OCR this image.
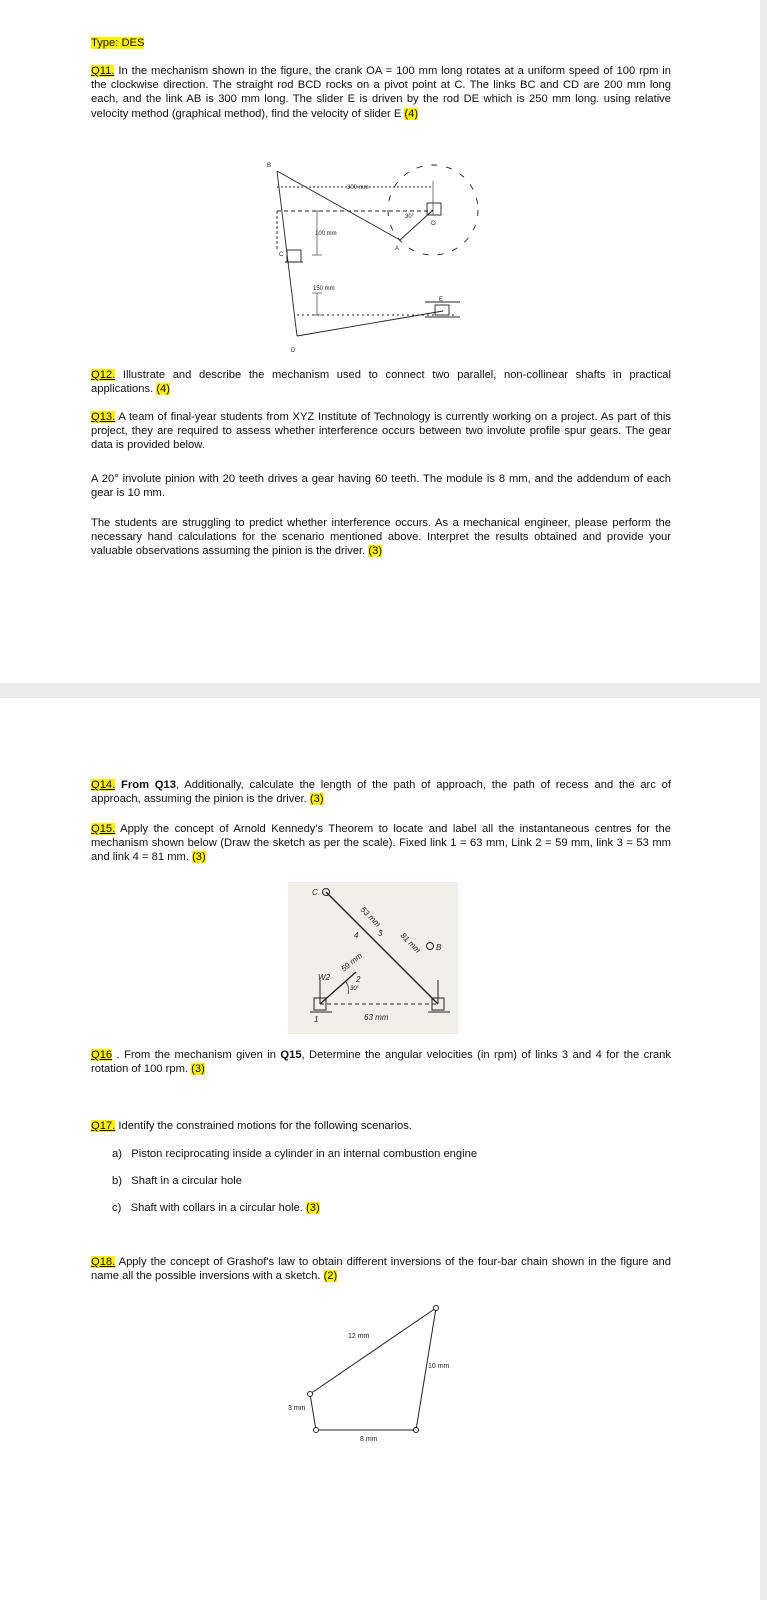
Type: DES

Q11. In the mechanism shown in the figure, the crank OA = 100 mm long rotates at a uniform speed of 100 rpm in the clockwise direction. The straight rod BCD rocks on a pivot point at C. The links BC and CD are 200 mm long each, and the link AB is 300 mm long. The slider E is driven by the rod DE which is 250 mm long. using relative velocity method (graphical method), find the velocity of slider E (4)

B
C
D
A
O
E
300 mm
100 mm
150 mm
30°

Q12. Illustrate and describe the mechanism used to connect two parallel, non-collinear shafts in practical applications. (4)

Q13. A team of final-year students from XYZ Institute of Technology is currently working on a project. As part of this project, they are required to assess whether interference occurs between two involute profile spur gears. The gear data is provided below.

A 20° involute pinion with 20 teeth drives a gear having 60 teeth. The module is 8 mm, and the addendum of each gear is 10 mm.

The students are struggling to predict whether interference occurs. As a mechanical engineer, please perform the necessary hand calculations for the scenario mentioned above. Interpret the results obtained and provide your valuable observations assuming the pinion is the driver. (3)

Q14. From Q13, Additionally, calculate the length of the path of approach, the path of recess and the arc of approach, assuming the pinion is the driver. (3)

Q15. Apply the concept of Arnold Kennedy's Theorem to locate and label all the instantaneous centres for the mechanism shown below (Draw the sketch as per the scale). Fixed link 1 = 63 mm, Link 2 = 59 mm, link 3 = 53 mm and link 4 = 81 mm. (3)

C
B
W2
3
4
2
1
53 mm
81 mm
59 mm
63 mm
30°

Q16 . From the mechanism given in Q15, Determine the angular velocities (in rpm) of links 3 and 4 for the crank rotation of 100 rpm. (3)

Q17. Identify the constrained motions for the following scenarios.

a) Piston reciprocating inside a cylinder in an internal combustion engine
b) Shaft in a circular hole
c) Shaft with collars in a circular hole. (3)

Q18. Apply the concept of Grashof's law to obtain different inversions of the four-bar chain shown in the figure and name all the possible inversions with a sketch. (2)

12 mm
10 mm
3 mm
8 mm
